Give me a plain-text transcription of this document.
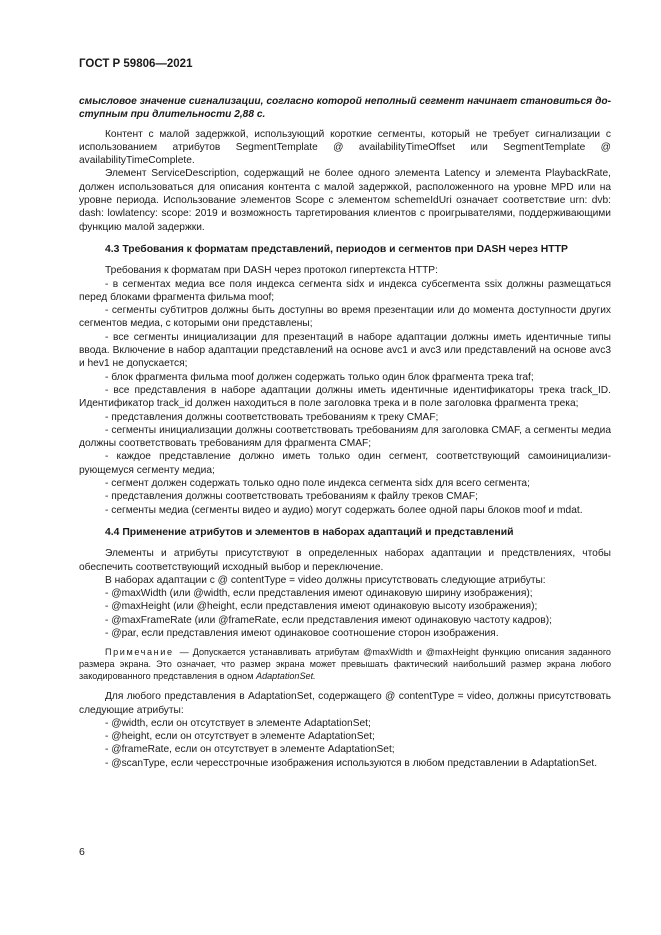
ГОСТ Р 59806—2021

смысловое значение сигнализации, согласно которой неполный сегмент начинает становиться доступным при длительности 2,88 с.

Контент с малой задержкой, использующий короткие сегменты, который не требует сигнализации с использованием атрибутов SegmentTemplate @ availabilityTimeOffset или SegmentTemplate @ availabilityTimeComplete.

Элемент ServiceDescription, содержащий не более одного элемента Latency и элемента PlaybackRate, должен использоваться для описания контента с малой задержкой, расположенного на уровне MPD или на уровне периода. Использование элементов Scope с элементом schemeIdUri означает соответствие urn: dvb: dash: lowlatency: scope: 2019 и возможность таргетирования клиентов с проигрывателями, поддерживающими функцию малой задержки.

4.3 Требования к форматам представлений, периодов и сегментов при DASH через HTTP

Требования к форматам при DASH через протокол гипертекста HTTP:

- в сегментах медиа все поля индекса сегмента sidx и индекса субсегмента ssix должны размещаться перед блоками фрагмента фильма moof;

- сегменты субтитров должны быть доступны во время презентации или до момента доступности других сегментов медиа, с которыми они представлены;

- все сегменты инициализации для презентаций в наборе адаптации должны иметь идентичные типы ввода. Включение в набор адаптации представлений на основе avc1 и avc3 или представлений на основе avc3 и hev1 не допускается;

- блок фрагмента фильма moof должен содержать только один блок фрагмента трека traf;

- все представления в наборе адаптации должны иметь идентичные идентификаторы трека track_ID. Идентификатор track_id должен находиться в поле заголовка трека и в поле заголовка фрагмента трека;

- представления должны соответствовать требованиям к треку CMAF;

- сегменты инициализации должны соответствовать требованиям для заголовка CMAF, а сегменты медиа должны соответствовать требованиям для фрагмента CMAF;

- каждое представление должно иметь только один сегмент, соответствующий самоинициализирующемуся сегменту медиа;

- сегмент должен содержать только одно поле индекса сегмента sidx для всего сегмента;

- представления должны соответствовать требованиям к файлу треков CMAF;

- сегменты медиа (сегменты видео и аудио) могут содержать более одной пары блоков moof и mdat.

4.4 Применение атрибутов и элементов в наборах адаптаций и представлений

Элементы и атрибуты присутствуют в определенных наборах адаптации и предствлениях, чтобы обеспечить соответствующий исходный выбор и переключение.

В наборах адаптации с @ contentType = video должны присутствовать следующие атрибуты:

- @maxWidth (или @width, если представления имеют одинаковую ширину изображения);

- @maxHeight (или @height, если представления имеют одинаковую высоту изображения);

- @maxFrameRate (или @frameRate, если представления имеют одинаковую частоту кадров);

- @par, если представления имеют одинаковое соотношение сторон изображения.

Примечание — Допускается устанавливать атрибутам @maxWidth и @maxHeight функцию описания заданного размера экрана. Это означает, что размер экрана может превышать фактический наибольший размер экрана любого закодированного представления в одном AdaptationSet.

Для любого представления в AdaptationSet, содержащего @ contentType = video, должны присутствовать следующие атрибуты:

- @width, если он отсутствует в элементе AdaptationSet;

- @height, если он отсутствует в элементе AdaptationSet;

- @frameRate, если он отсутствует в элементе AdaptationSet;

- @scanType, если чересстрочные изображения используются в любом представлении в AdaptationSet.

6
